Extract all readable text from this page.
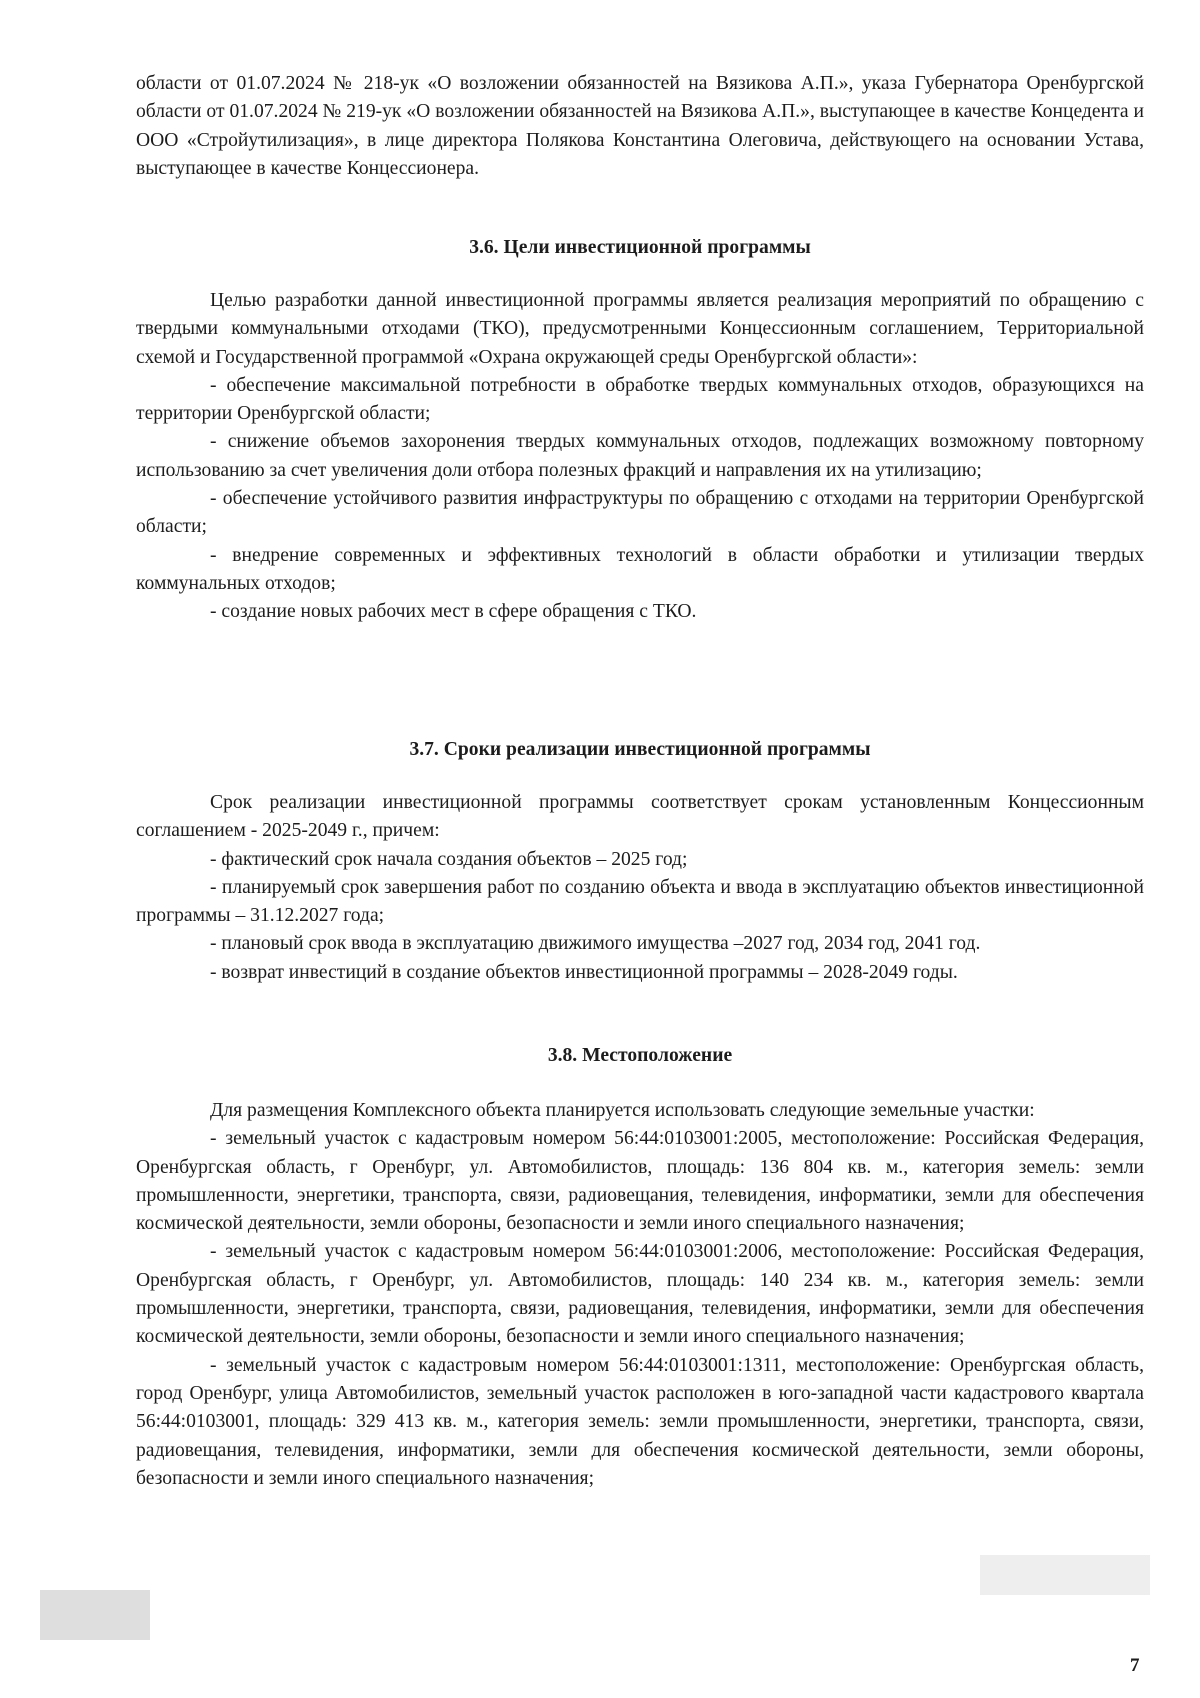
области от 01.07.2024 № 218-ук «О возложении обязанностей на Вязикова А.П.», указа Губернатора Оренбургской области от 01.07.2024 № 219-ук «О возложении обязанностей на Вязикова А.П.», выступающее в качестве Концедента и ООО «Стройутилизация», в лице директора Полякова Константина Олеговича, действующего на основании Устава, выступающее в качестве Концессионера.

3.6. Цели инвестиционной программы

Целью разработки данной инвестиционной программы является реализация мероприятий по обращению с твердыми коммунальными отходами (ТКО), предусмотренными Концессионным соглашением, Территориальной схемой и Государственной программой «Охрана окружающей среды Оренбургской области»:

- обеспечение максимальной потребности в обработке твердых коммунальных отходов, образующихся на территории Оренбургской области;

- снижение объемов захоронения твердых коммунальных отходов, подлежащих возможному повторному использованию за счет увеличения доли отбора полезных фракций и направления их на утилизацию;

- обеспечение устойчивого развития инфраструктуры по обращению с отходами на территории Оренбургской области;

- внедрение современных и эффективных технологий в области обработки и утилизации твердых коммунальных отходов;

- создание новых рабочих мест в сфере обращения с ТКО.

3.7. Сроки реализации инвестиционной программы

Срок реализации инвестиционной программы соответствует срокам установленным Концессионным соглашением - 2025-2049 г., причем:

- фактический срок начала создания объектов – 2025 год;

- планируемый срок завершения работ по созданию объекта и ввода в эксплуатацию объектов инвестиционной программы – 31.12.2027 года;

- плановый срок ввода в эксплуатацию движимого имущества –2027 год, 2034 год, 2041 год.

- возврат инвестиций в создание объектов инвестиционной программы – 2028-2049 годы.

3.8. Местоположение

Для размещения Комплексного объекта планируется использовать следующие земельные участки:

- земельный участок с кадастровым номером 56:44:0103001:2005, местоположение: Российская Федерация, Оренбургская область, г Оренбург, ул. Автомобилистов, площадь: 136 804 кв. м., категория земель: земли промышленности, энергетики, транспорта, связи, радиовещания, телевидения, информатики, земли для обеспечения космической деятельности, земли обороны, безопасности и земли иного специального назначения;

- земельный участок с кадастровым номером 56:44:0103001:2006, местоположение: Российская Федерация, Оренбургская область, г Оренбург, ул. Автомобилистов, площадь: 140 234 кв. м., категория земель: земли промышленности, энергетики, транспорта, связи, радиовещания, телевидения, информатики, земли для обеспечения космической деятельности, земли обороны, безопасности и земли иного специального назначения;

- земельный участок с кадастровым номером 56:44:0103001:1311, местоположение: Оренбургская область, город Оренбург, улица Автомобилистов, земельный участок расположен в юго-западной части кадастрового квартала 56:44:0103001, площадь: 329 413 кв. м., категория земель: земли промышленности, энергетики, транспорта, связи, радиовещания, телевидения, информатики, земли для обеспечения космической деятельности, земли обороны, безопасности и земли иного специального назначения;

7
